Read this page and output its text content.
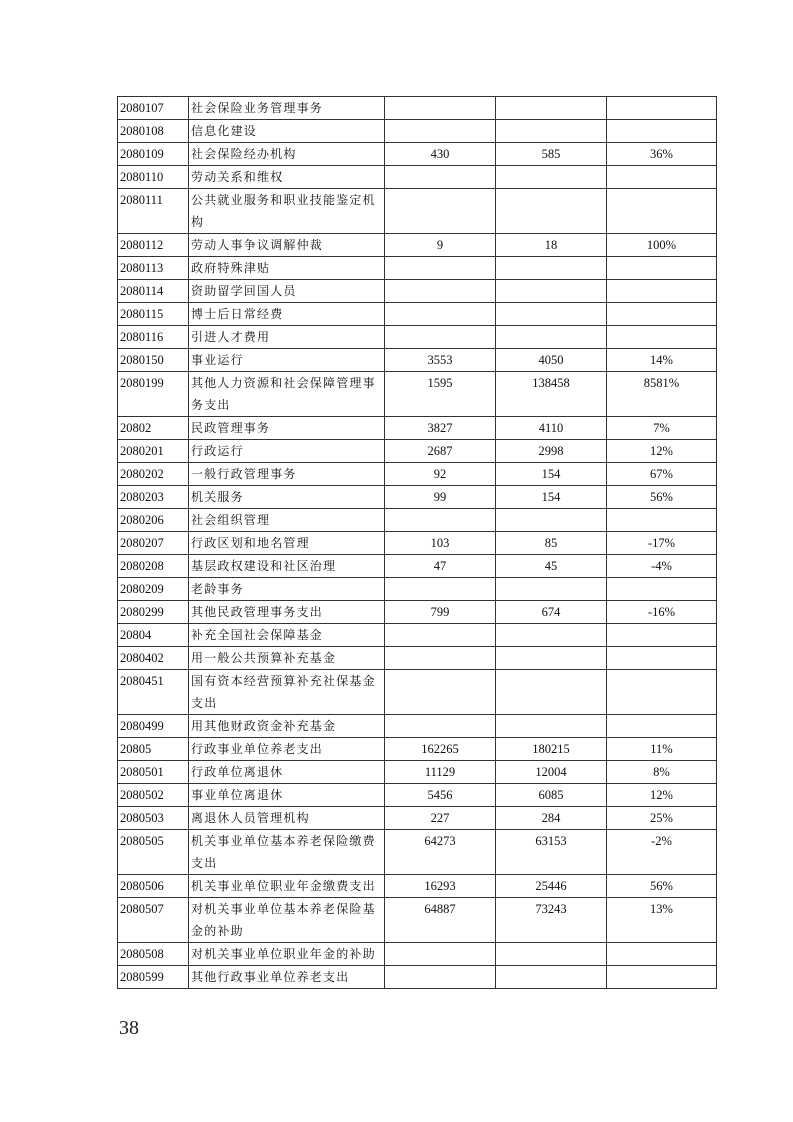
2080107	社会保险业务管理事务			
2080108	信息化建设			
2080109	社会保险经办机构	430	585	36%
2080110	劳动关系和维权			
2080111	公共就业服务和职业技能鉴定机构			
2080112	劳动人事争议调解仲裁	9	18	100%
2080113	政府特殊津贴			
2080114	资助留学回国人员			
2080115	博士后日常经费			
2080116	引进人才费用			
2080150	事业运行	3553	4050	14%
2080199	其他人力资源和社会保障管理事务支出	1595	138458	8581%
20802	民政管理事务	3827	4110	7%
2080201	行政运行	2687	2998	12%
2080202	一般行政管理事务	92	154	67%
2080203	机关服务	99	154	56%
2080206	社会组织管理			
2080207	行政区划和地名管理	103	85	-17%
2080208	基层政权建设和社区治理	47	45	-4%
2080209	老龄事务			
2080299	其他民政管理事务支出	799	674	-16%
20804	补充全国社会保障基金			
2080402	用一般公共预算补充基金			
2080451	国有资本经营预算补充社保基金支出			
2080499	用其他财政资金补充基金			
20805	行政事业单位养老支出	162265	180215	11%
2080501	行政单位离退休	11129	12004	8%
2080502	事业单位离退休	5456	6085	12%
2080503	离退休人员管理机构	227	284	25%
2080505	机关事业单位基本养老保险缴费支出	64273	63153	-2%
2080506	机关事业单位职业年金缴费支出	16293	25446	56%
2080507	对机关事业单位基本养老保险基金的补助	64887	73243	13%
2080508	对机关事业单位职业年金的补助			
2080599	其他行政事业单位养老支出			
38
